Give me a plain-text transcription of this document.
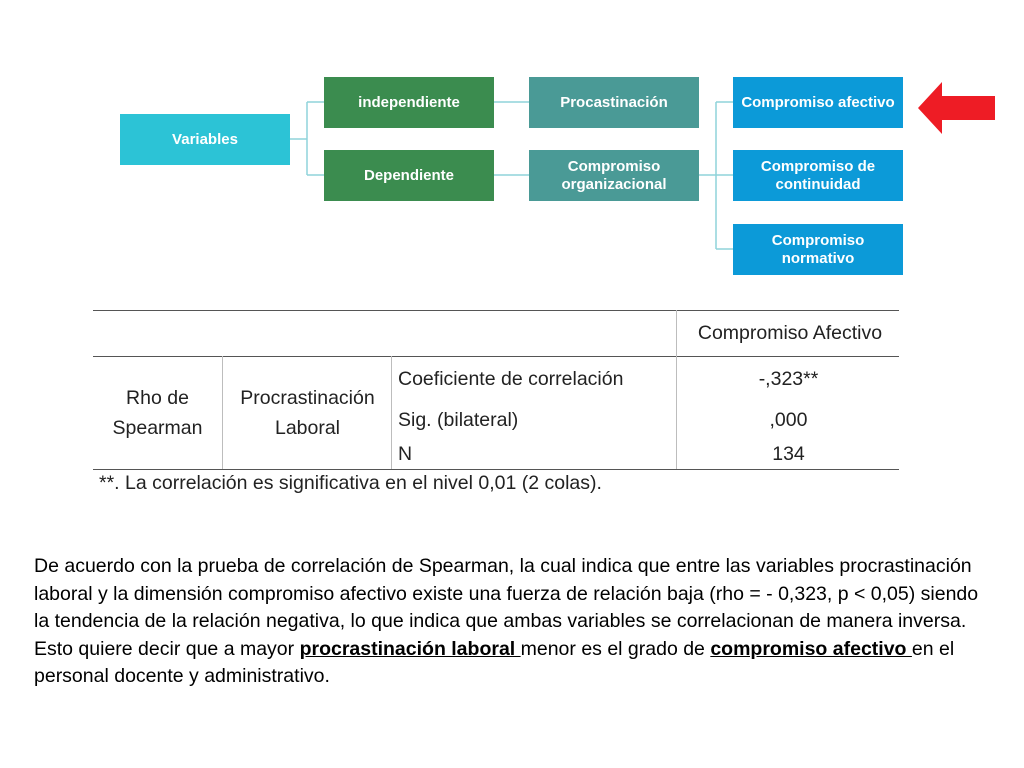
Variables
independiente
Dependiente
Procastinación
Compromiso organizacional
Compromiso afectivo
Compromiso de continuidad
Compromiso normativo
Compromiso Afectivo
Rho de
Spearman
Procrastinación
Laboral
Coeficiente de correlación
Sig. (bilateral)
N
-,323**
,000
134
**. La correlación es significativa en el nivel 0,01 (2 colas).

De acuerdo con la prueba de correlación de Spearman, la cual indica que entre las variables procrastinación laboral y la dimensión compromiso afectivo existe una fuerza de relación baja (rho = - 0,323, p < 0,05) siendo la tendencia de la relación negativa, lo que indica que ambas variables se correlacionan de manera inversa.

Esto quiere decir que a mayor procrastinación laboral menor es el grado de compromiso afectivo en el personal docente y administrativo.
